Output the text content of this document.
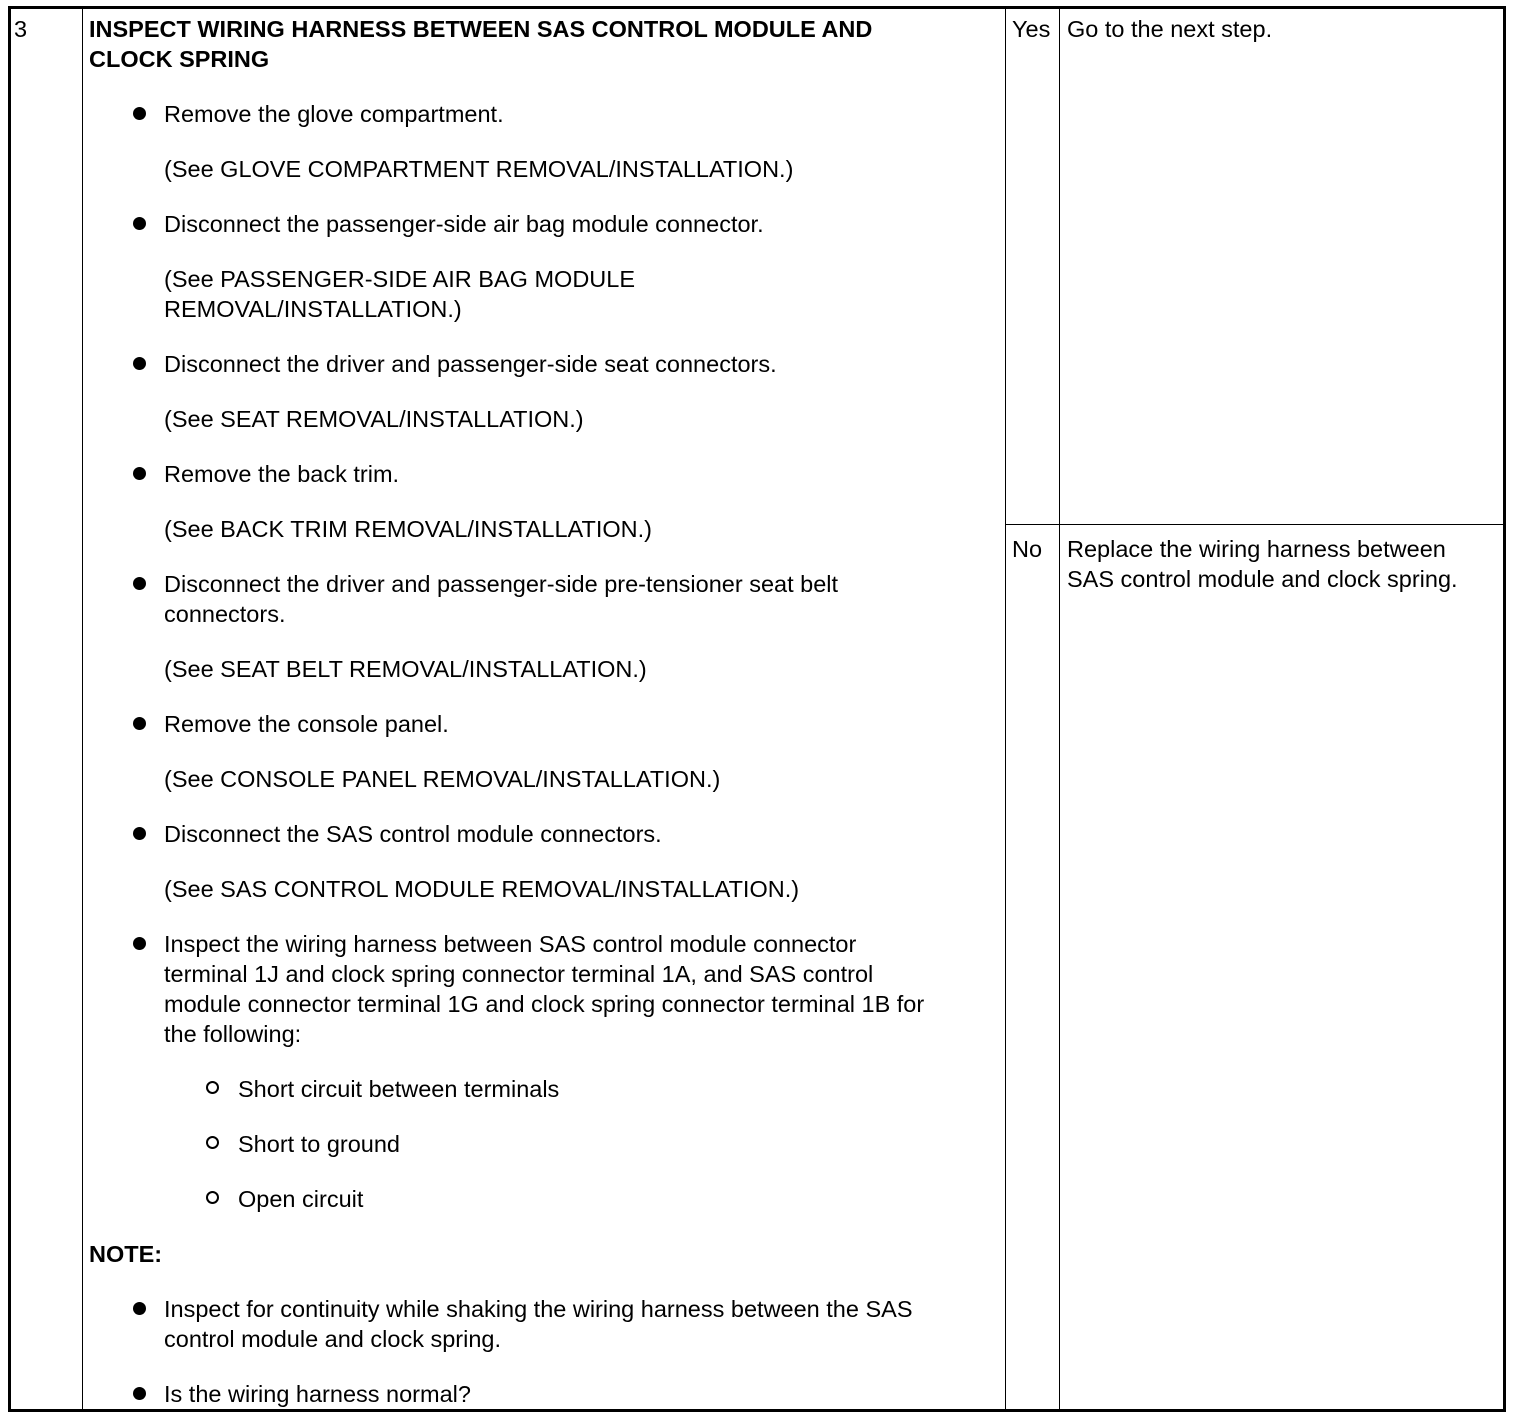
3	INSPECT WIRING HARNESS BETWEEN SAS CONTROL MODULE AND
CLOCK SPRING
Remove the glove compartment.
(See GLOVE COMPARTMENT REMOVAL/INSTALLATION.)
Disconnect the passenger-side air bag module connector.
(See PASSENGER-SIDE AIR BAG MODULE
REMOVAL/INSTALLATION.)
Disconnect the driver and passenger-side seat connectors.
(See SEAT REMOVAL/INSTALLATION.)
Remove the back trim.
(See BACK TRIM REMOVAL/INSTALLATION.)
Disconnect the driver and passenger-side pre-tensioner seat belt
connectors.
(See SEAT BELT REMOVAL/INSTALLATION.)
Remove the console panel.
(See CONSOLE PANEL REMOVAL/INSTALLATION.)
Disconnect the SAS control module connectors.
(See SAS CONTROL MODULE REMOVAL/INSTALLATION.)
Inspect the wiring harness between SAS control module connector
terminal 1J and clock spring connector terminal 1A, and SAS control
module connector terminal 1G and clock spring connector terminal 1B for
the following:
Short circuit between terminals
Short to ground
Open circuit
NOTE:
Inspect for continuity while shaking the wiring harness between the SAS
control module and clock spring.
Is the wiring harness normal?
Yes Go to the next step.
No Replace the wiring harness between
SAS control module and clock spring.
